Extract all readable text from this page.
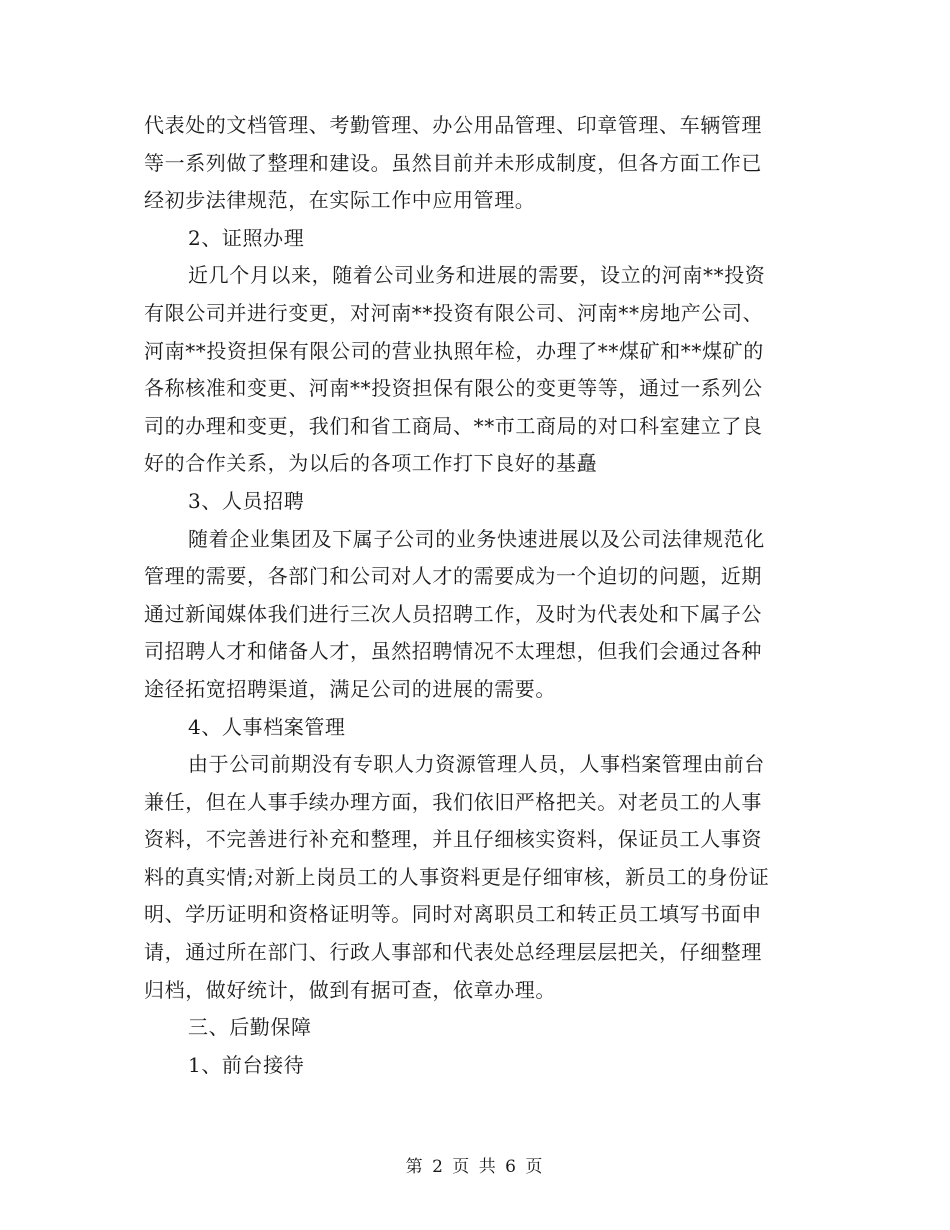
代表处的文档管理、考勤管理、办公用品管理、印章管理、车辆管理
等一系列做了整理和建设。虽然目前并未形成制度，但各方面工作已
经初步法律规范，在实际工作中应用管理。
2、证照办理
近几个月以来，随着公司业务和进展的需要，设立的河南**投资
有限公司并进行变更，对河南**投资有限公司、河南**房地产公司、
河南**投资担保有限公司的营业执照年检，办理了**煤矿和**煤矿的
各称核准和变更、河南**投资担保有限公的变更等等，通过一系列公
司的办理和变更，我们和省工商局、**市工商局的对口科室建立了良
好的合作关系，为以后的各项工作打下良好的基矗
3、人员招聘
随着企业集团及下属子公司的业务快速进展以及公司法律规范化
管理的需要，各部门和公司对人才的需要成为一个迫切的问题，近期
通过新闻媒体我们进行三次人员招聘工作，及时为代表处和下属子公
司招聘人才和储备人才，虽然招聘情况不太理想，但我们会通过各种
途径拓宽招聘渠道，满足公司的进展的需要。
4、人事档案管理
由于公司前期没有专职人力资源管理人员，人事档案管理由前台
兼任，但在人事手续办理方面，我们依旧严格把关。对老员工的人事
资料，不完善进行补充和整理，并且仔细核实资料，保证员工人事资
料的真实情;对新上岗员工的人事资料更是仔细审核，新员工的身份证
明、学历证明和资格证明等。同时对离职员工和转正员工填写书面申
请，通过所在部门、行政人事部和代表处总经理层层把关，仔细整理
归档，做好统计，做到有据可查，依章办理。
三、后勤保障
1、前台接待
第 2 页 共 6 页
